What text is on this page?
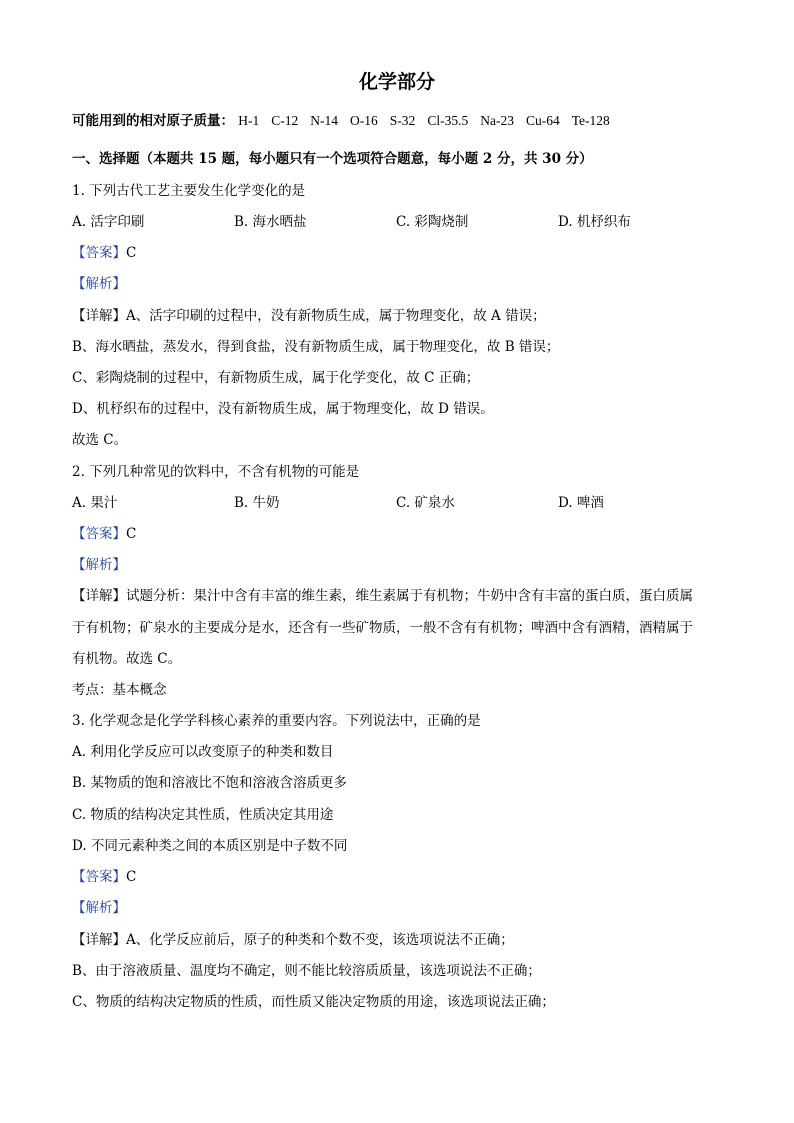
化学部分
可能用到的相对原子质量： H-1 C-12 N-14 O-16 S-32 Cl-35.5 Na-23 Cu-64 Te-128
一、选择题（本题共 15 题，每小题只有一个选项符合题意，每小题 2 分，共 30 分）
1. 下列古代工艺主要发生化学变化的是
A. 活字印刷	B. 海水晒盐	C. 彩陶烧制	D. 机杼织布
【答案】C
【解析】
【详解】A、活字印刷的过程中，没有新物质生成，属于物理变化，故 A 错误；
B、海水晒盐，蒸发水，得到食盐，没有新物质生成，属于物理变化，故 B 错误；
C、彩陶烧制的过程中，有新物质生成，属于化学变化，故 C 正确；
D、机杼织布的过程中，没有新物质生成，属于物理变化，故 D 错误。
故选 C。
2. 下列几种常见的饮料中，不含有机物的可能是
A. 果汁	B. 牛奶	C. 矿泉水	D. 啤酒
【答案】C
【解析】
【详解】试题分析：果汁中含有丰富的维生素，维生素属于有机物；牛奶中含有丰富的蛋白质，蛋白质属
于有机物；矿泉水的主要成分是水，还含有一些矿物质，一般不含有有机物；啤酒中含有酒精，酒精属于
有机物。故选 C。
考点：基本概念
3. 化学观念是化学学科核心素养的重要内容。下列说法中，正确的是
A. 利用化学反应可以改变原子的种类和数目
B. 某物质的饱和溶液比不饱和溶液含溶质更多
C. 物质的结构决定其性质，性质决定其用途
D. 不同元素种类之间的本质区别是中子数不同
【答案】C
【解析】
【详解】A、化学反应前后，原子的种类和个数不变，该选项说法不正确；
B、由于溶液质量、温度均不确定，则不能比较溶质质量，该选项说法不正确；
C、物质的结构决定物质的性质，而性质又能决定物质的用途，该选项说法正确；
